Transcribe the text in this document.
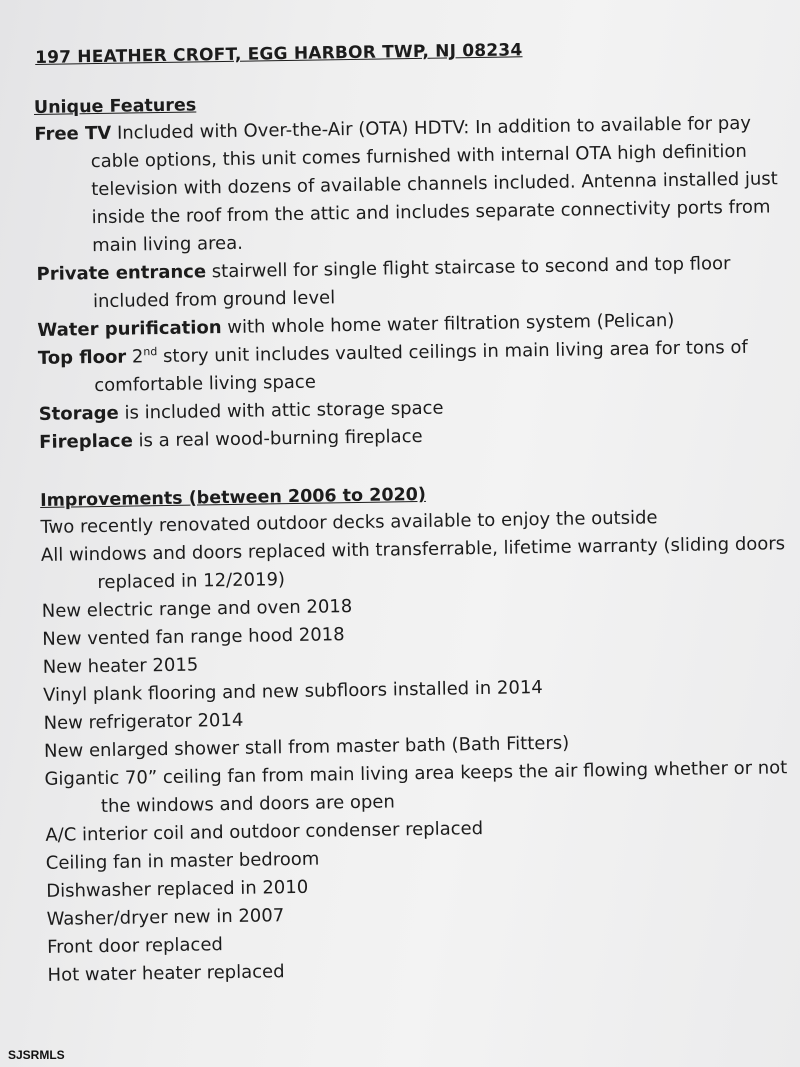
197 HEATHER CROFT, EGG HARBOR TWP, NJ 08234
Unique Features
Free TV Included with Over-the-Air (OTA) HDTV: In addition to available for pay cable options, this unit comes furnished with internal OTA high definition television with dozens of available channels included. Antenna installed just inside the roof from the attic and includes separate connectivity ports from main living area.
Private entrance stairwell for single flight staircase to second and top floor included from ground level
Water purification with whole home water filtration system (Pelican)
Top floor 2nd story unit includes vaulted ceilings in main living area for tons of comfortable living space
Storage is included with attic storage space
Fireplace is a real wood-burning fireplace
Improvements (between 2006 to 2020)
Two recently renovated outdoor decks available to enjoy the outside
All windows and doors replaced with transferrable, lifetime warranty (sliding doors replaced in 12/2019)
New electric range and oven 2018
New vented fan range hood 2018
New heater 2015
Vinyl plank flooring and new subfloors installed in 2014
New refrigerator 2014
New enlarged shower stall from master bath (Bath Fitters)
Gigantic 70” ceiling fan from main living area keeps the air flowing whether or not the windows and doors are open
A/C interior coil and outdoor condenser replaced
Ceiling fan in master bedroom
Dishwasher replaced in 2010
Washer/dryer new in 2007
Front door replaced
Hot water heater replaced
SJSRMLS
